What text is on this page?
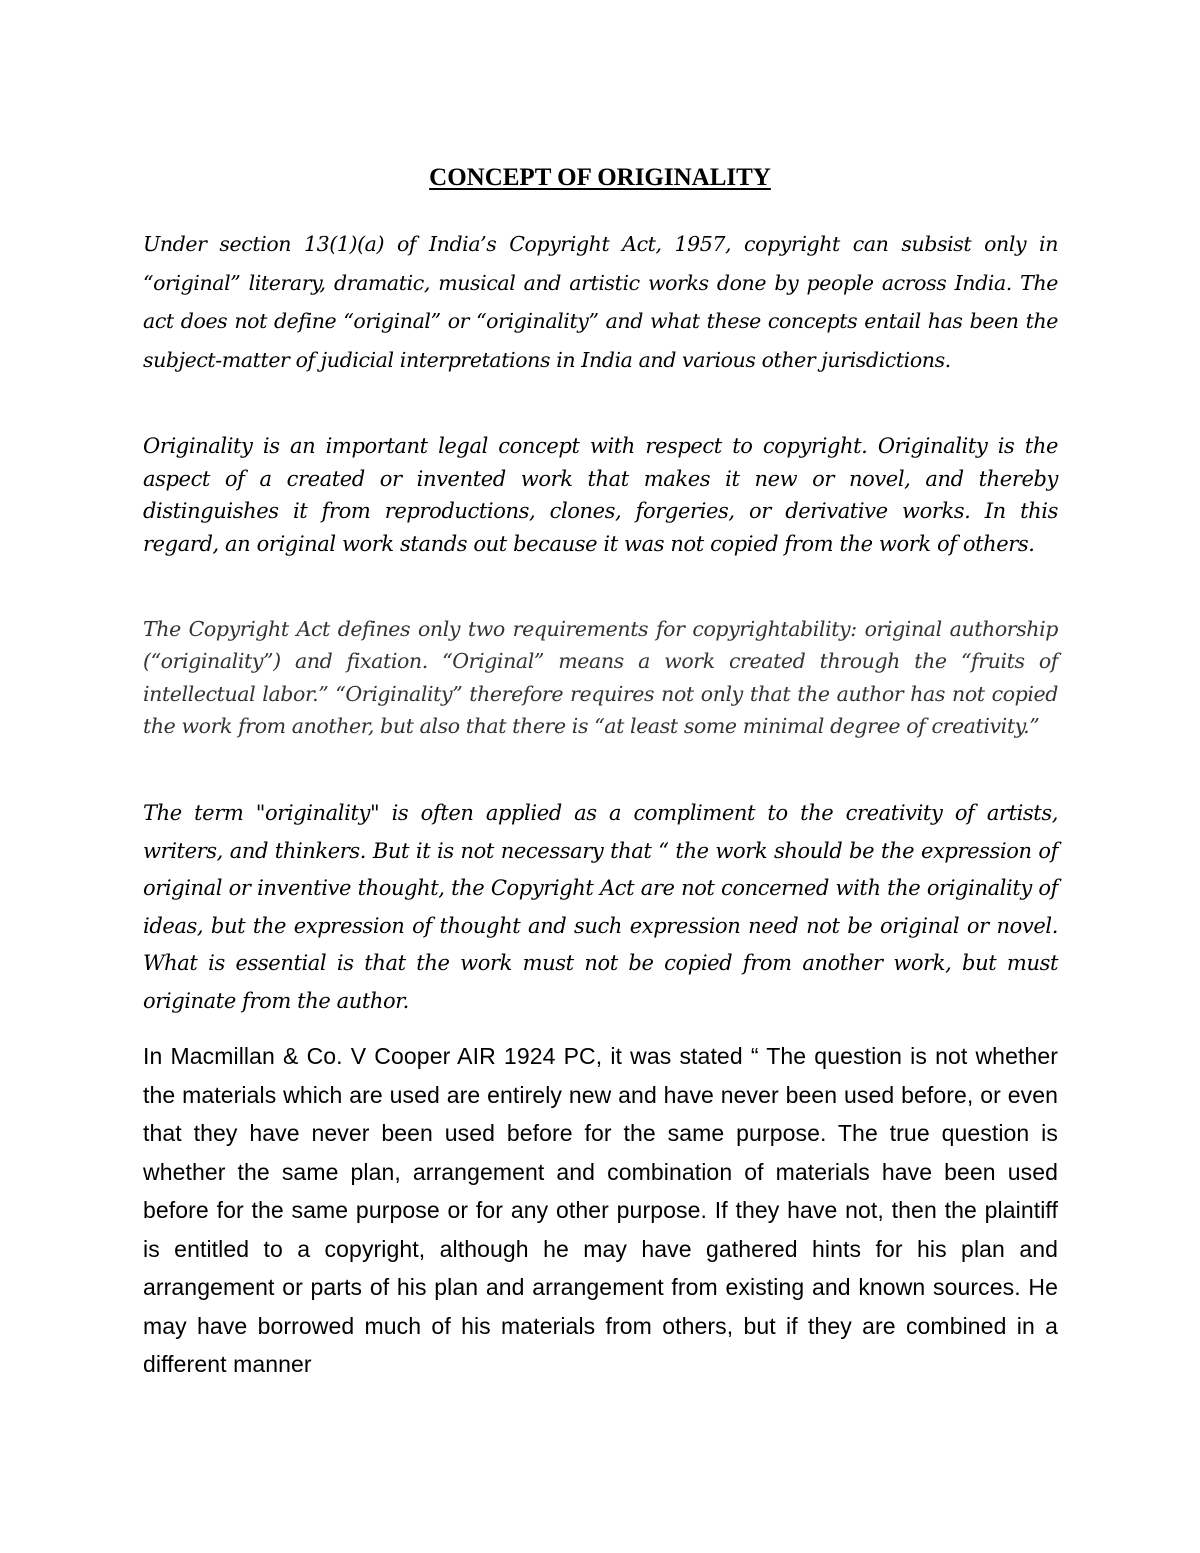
CONCEPT OF ORIGINALITY

Under section 13(1)(a) of India’s Copyright Act, 1957, copyright can subsist only in “original” literary, dramatic, musical and artistic works done by people across India. The act does not define “original” or “originality” and what these concepts entail has been the subject-matter of judicial interpretations in India and various other jurisdictions.

Originality is an important legal concept with respect to copyright. Originality is the aspect of a created or invented work that makes it new or novel, and thereby distinguishes it from reproductions, clones, forgeries, or derivative works. In this regard, an original work stands out because it was not copied from the work of others.

The Copyright Act defines only two requirements for copyrightability: original authorship (“originality”) and fixation. “Original” means a work created through the “fruits of intellectual labor.” “Originality” therefore requires not only that the author has not copied the work from another, but also that there is “at least some minimal degree of creativity.”

The term "originality" is often applied as a compliment to the creativity of artists, writers, and thinkers. But it is not necessary that “ the work should be the expression of original or inventive thought, the Copyright Act are not concerned with the originality of ideas, but the expression of thought and such expression need not be original or novel. What is essential is that the work must not be copied from another work, but must originate from the author.

In Macmillan & Co. V Cooper AIR 1924 PC, it was stated “ The question is not whether the materials which are used are entirely new and have never been used before, or even that they have never been used before for the same purpose. The true question is whether the same plan, arrangement and combination of materials have been used before for the same purpose or for any other purpose. If they have not, then the plaintiff is entitled to a copyright, although he may have gathered hints for his plan and arrangement or parts of his plan and arrangement from existing and known sources. He may have borrowed much of his materials from others, but if they are combined in a different manner
